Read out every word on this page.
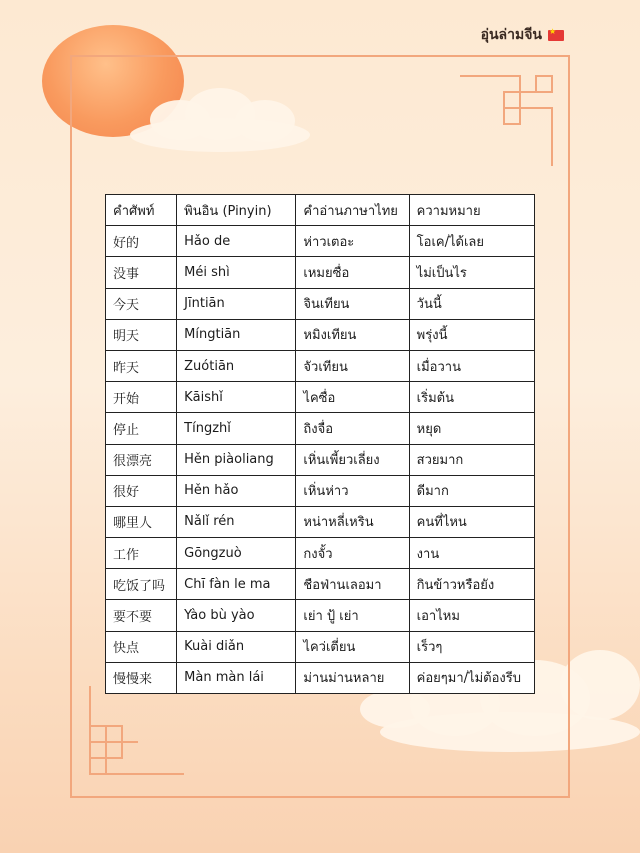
อุ่นล่ามจีน
★
คำศัพท์	พินอิน (Pinyin)	คำอ่านภาษาไทย	ความหมาย
好的	Hǎo de	ห่าวเตอะ	โอเค/ได้เลย
没事	Méi shì	เหมยซื่อ	ไม่เป็นไร
今天	Jīntiān	จินเทียน	วันนี้
明天	Míngtiān	หมิงเทียน	พรุ่งนี้
昨天	Zuótiān	จัวเทียน	เมื่อวาน
开始	Kāishǐ	ไคซื่อ	เริ่มต้น
停止	Tíngzhǐ	ถิงจื่อ	หยุด
很漂亮	Hěn piàoliang	เหิ่นเพี้ยวเลี่ยง	สวยมาก
很好	Hěn hǎo	เหิ่นห่าว	ดีมาก
哪里人	Nǎlǐ rén	หน่าหลี่เหริน	คนที่ไหน
工作	Gōngzuò	กงจั้ว	งาน
吃饭了吗	Chī fàn le ma	ชือฟ่านเลอมา	กินข้าวหรือยัง
要不要	Yào bù yào	เย่า ปู้ เย่า	เอาไหม
快点	Kuài diǎn	ไคว่เตี่ยน	เร็วๆ
慢慢来	Màn màn lái	ม่านม่านหลาย	ค่อยๆมา/ไม่ต้องรีบ
